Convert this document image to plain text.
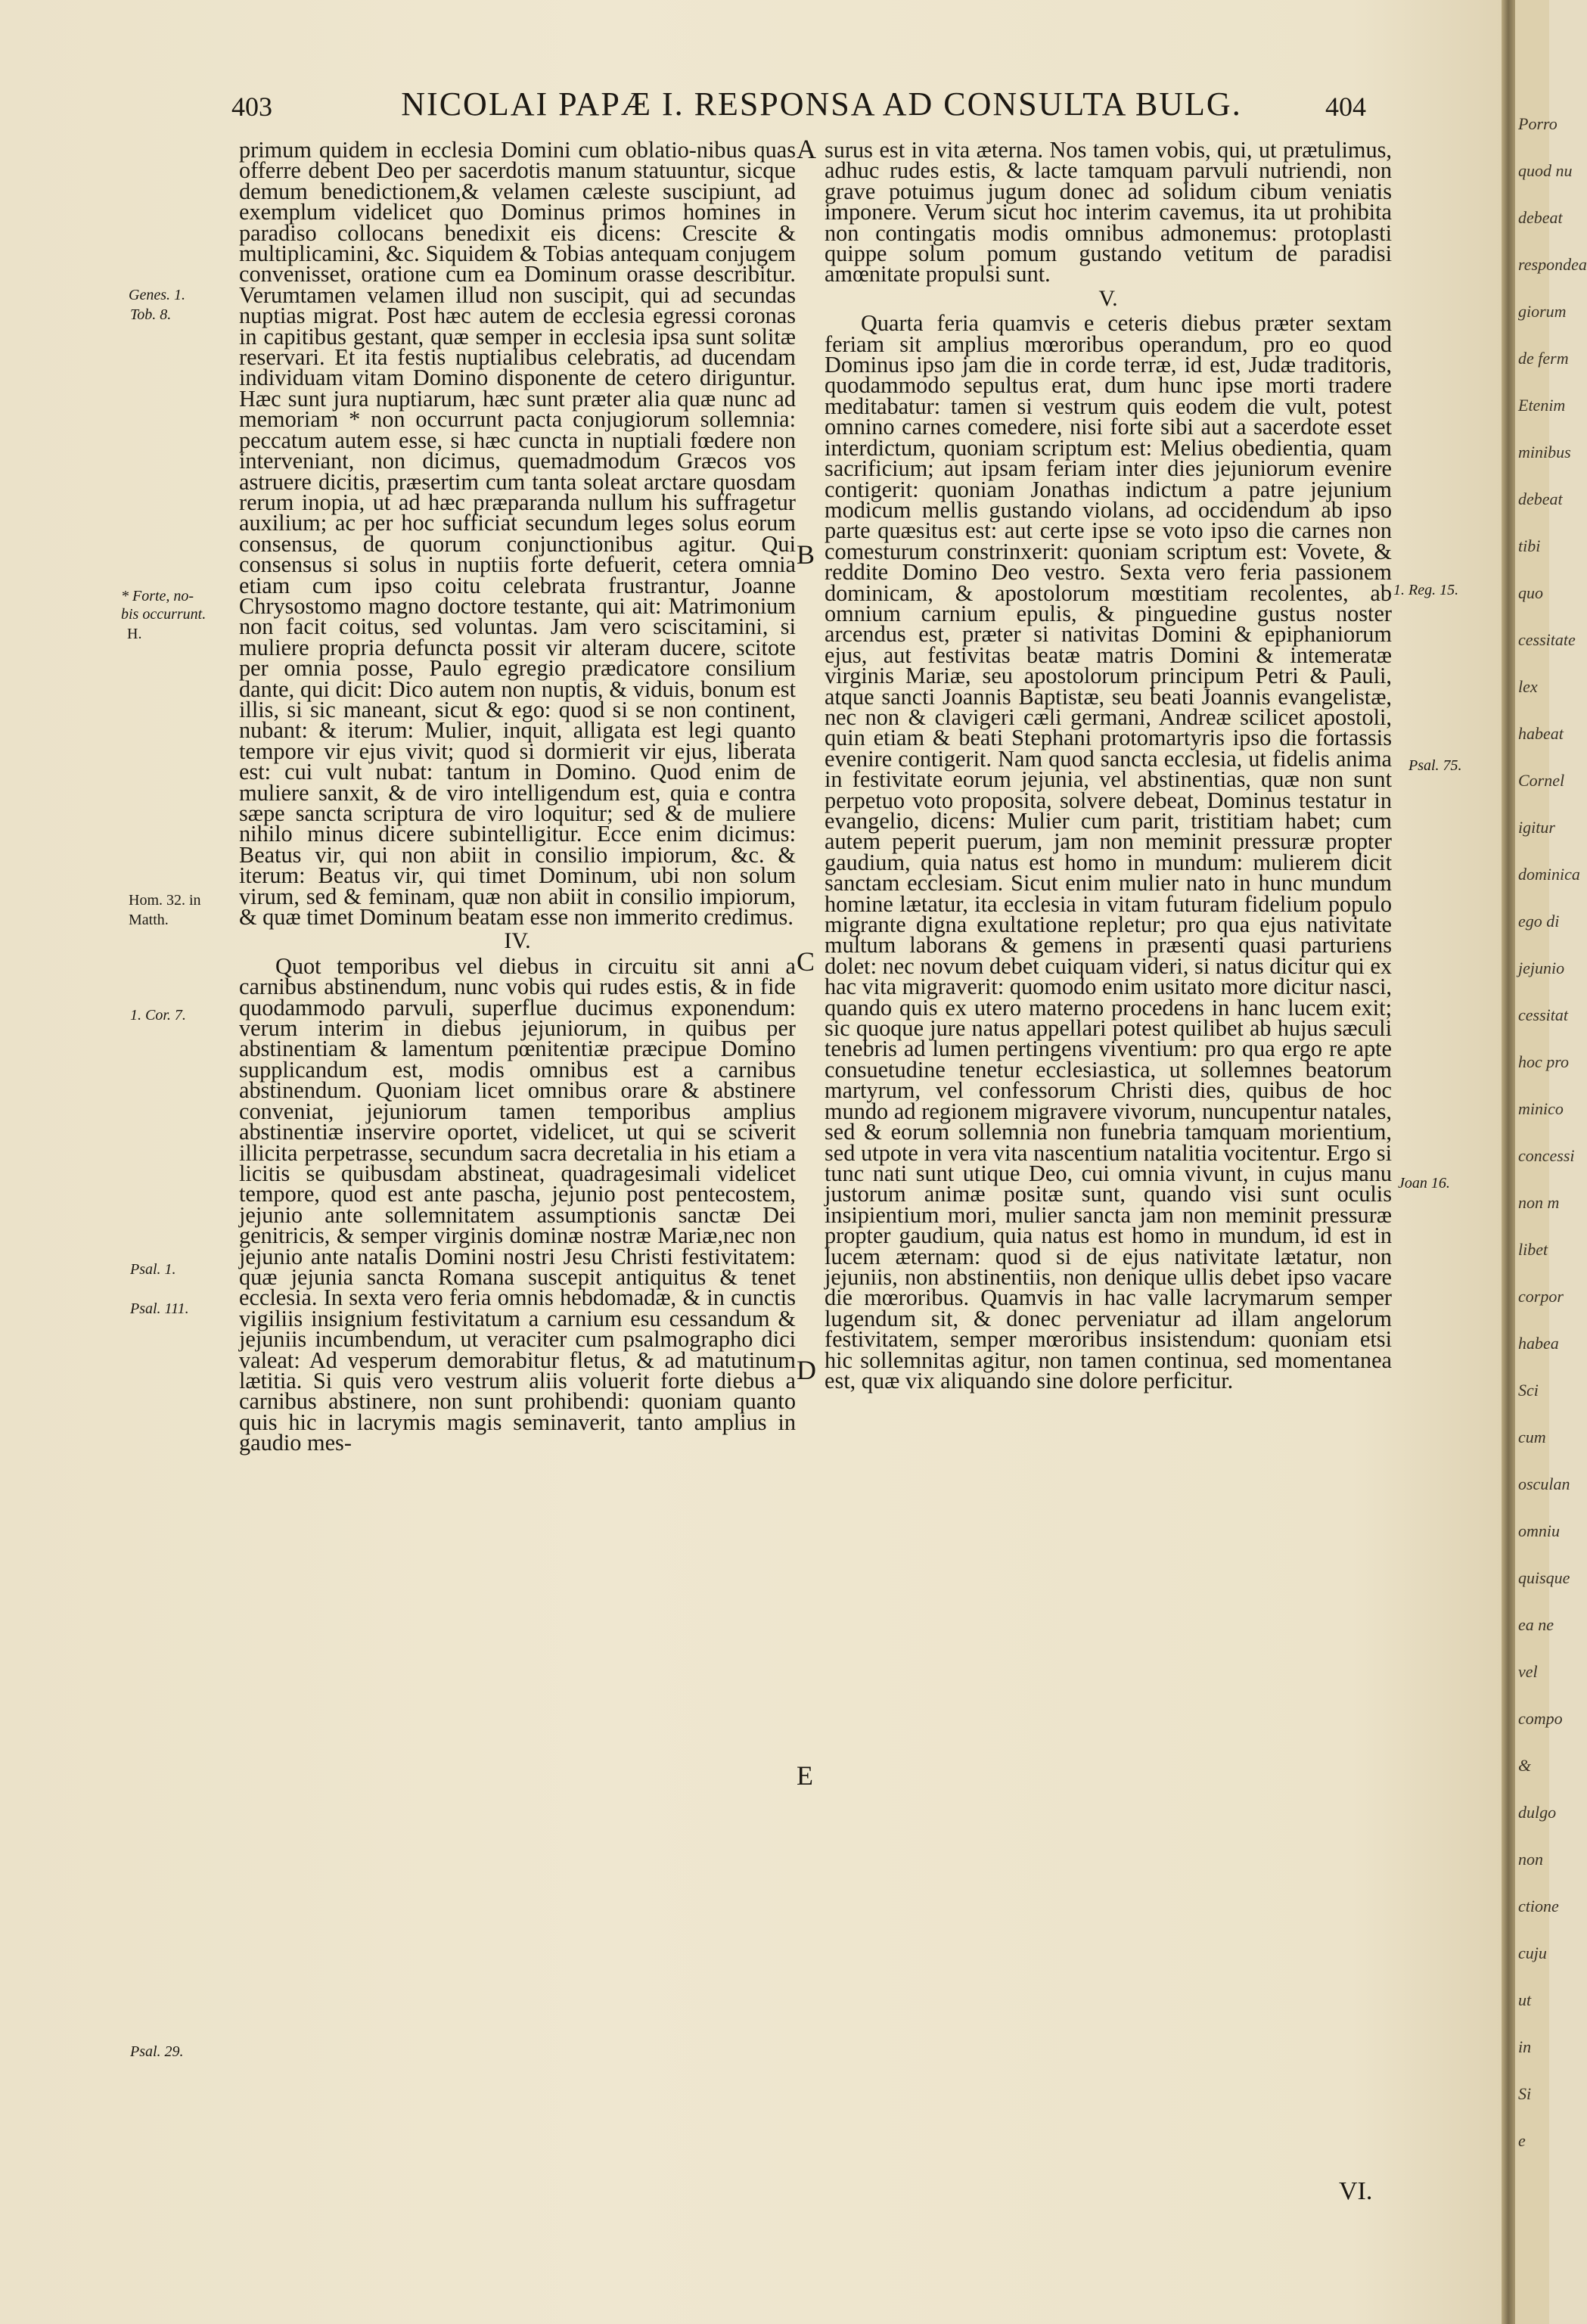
403	NICOLAI PAPÆ I. RESPONSA AD CONSULTA BULG.	404
Genes. 1.
Tob. 8.
* Forte, no-
bis occurrunt.
H.
Hom. 32. in
Matth.
1. Cor. 7.
Psal. 1.
Psal. 111.
Psal. 29.
1. Reg. 15.
Psal. 75.
Joan 16.
A
B
C
D
E

primum quidem in ecclesia Domini cum oblatio-nibus quas offerre debent Deo per sacerdotis manum statuuntur, sicque demum benedictionem,& velamen cæleste suscipiunt, ad exemplum videlicet quo Dominus primos homines in paradiso collocans benedixit eis dicens: Crescite & multiplicamini, &c. Siquidem & Tobias antequam conjugem convenisset, oratione cum ea Dominum orasse describitur. Verumtamen velamen illud non suscipit, qui ad secundas nuptias migrat. Post hæc autem de ecclesia egressi coronas in capitibus gestant, quæ semper in ecclesia ipsa sunt solitæ reservari. Et ita festis nuptialibus celebratis, ad ducendam individuam vitam Domino disponente de cetero diriguntur. Hæc sunt jura nuptiarum, hæc sunt præter alia quæ nunc ad memoriam * non occurrunt pacta conjugiorum sollemnia: peccatum autem esse, si hæc cuncta in nuptiali fœdere non interveniant, non dicimus, quemadmodum Græcos vos astruere dicitis, præsertim cum tanta soleat arctare quosdam rerum inopia, ut ad hæc præparanda nullum his suffragetur auxilium; ac per hoc sufficiat secundum leges solus eorum consensus, de quorum conjunctionibus agitur. Qui consensus si solus in nuptiis forte defuerit, cetera omnia etiam cum ipso coitu celebrata frustrantur, Joanne Chrysostomo magno doctore testante, qui ait: Matrimonium non facit coitus, sed voluntas. Jam vero sciscitamini, si muliere propria defuncta possit vir alteram ducere, scitote per omnia posse, Paulo egregio prædicatore consilium dante, qui dicit: Dico autem non nuptis, & viduis, bonum est illis, si sic maneant, sicut & ego: quod si se non continent, nubant: & iterum: Mulier, inquit, alligata est legi quanto tempore vir ejus vivit; quod si dormierit vir ejus, liberata est: cui vult nubat: tantum in Domino. Quod enim de muliere sanxit, & de viro intelligendum est, quia e contra sæpe sancta scriptura de viro loquitur; sed & de muliere nihilo minus dicere subintelligitur. Ecce enim dicimus: Beatus vir, qui non abiit in consilio impiorum, &c. & iterum: Beatus vir, qui timet Dominum, ubi non solum virum, sed & feminam, quæ non abiit in consilio impiorum, & quæ timet Dominum beatam esse non immerito credimus.

IV.

Quot temporibus vel diebus in circuitu sit anni a carnibus abstinendum, nunc vobis qui rudes estis, & in fide quodammodo parvuli, superflue ducimus exponendum: verum interim in diebus jejuniorum, in quibus per abstinentiam & lamentum pœnitentiæ præcipue Domino supplicandum est, modis omnibus est a carnibus abstinendum. Quoniam licet omnibus orare & abstinere conveniat, jejuniorum tamen temporibus amplius abstinentiæ inservire oportet, videlicet, ut qui se sciverit illicita perpetrasse, secundum sacra decretalia in his etiam a licitis se quibusdam abstineat, quadragesimali videlicet tempore, quod est ante pascha, jejunio post pentecostem, jejunio ante sollemnitatem assumptionis sanctæ Dei genitricis, & semper virginis dominæ nostræ Mariæ,nec non jejunio ante natalis Domini nostri Jesu Christi festivitatem: quæ jejunia sancta Romana suscepit antiquitus & tenet ecclesia. In sexta vero feria omnis hebdomadæ, & in cunctis vigiliis insignium festivitatum a carnium esu cessandum & jejuniis incumbendum, ut veraciter cum psalmographo dici valeat: Ad vesperum demorabitur fletus, & ad matutinum lætitia. Si quis vero vestrum aliis voluerit forte diebus a carnibus abstinere, non sunt prohibendi: quoniam quanto quis hic in lacrymis magis seminaverit, tanto amplius in gaudio mes-

surus est in vita æterna. Nos tamen vobis, qui, ut prætulimus, adhuc rudes estis, & lacte tamquam parvuli nutriendi, non grave potuimus jugum donec ad solidum cibum veniatis imponere. Verum sicut hoc interim cavemus, ita ut prohibita non contingatis modis omnibus admonemus: protoplasti quippe solum pomum gustando vetitum de paradisi amœnitate propulsi sunt.

V.

Quarta feria quamvis e ceteris diebus præter sextam feriam sit amplius mœroribus operandum, pro eo quod Dominus ipso jam die in corde terræ, id est, Judæ traditoris, quodammodo sepultus erat, dum hunc ipse morti tradere meditabatur: tamen si vestrum quis eodem die vult, potest omnino carnes comedere, nisi forte sibi aut a sacerdote esset interdictum, quoniam scriptum est: Melius obedientia, quam sacrificium; aut ipsam feriam inter dies jejuniorum evenire contigerit: quoniam Jonathas indictum a patre jejunium modicum mellis gustando violans, ad occidendum ab ipso parte quæsitus est: aut certe ipse se voto ipso die carnes non comesturum constrinxerit: quoniam scriptum est: Vovete, & reddite Domino Deo vestro. Sexta vero feria passionem dominicam, & apostolorum mœstitiam recolentes, ab omnium carnium epulis, & pinguedine gustus noster arcendus est, præter si nativitas Domini & epiphaniorum ejus, aut festivitas beatæ matris Domini & intemeratæ virginis Mariæ, seu apostolorum principum Petri & Pauli, atque sancti Joannis Baptistæ, seu beati Joannis evangelistæ, nec non & clavigeri cæli germani, Andreæ scilicet apostoli, quin etiam & beati Stephani protomartyris ipso die fortassis evenire contigerit. Nam quod sancta ecclesia, ut fidelis anima in festivitate eorum jejunia, vel abstinentias, quæ non sunt perpetuo voto proposita, solvere debeat, Dominus testatur in evangelio, dicens: Mulier cum parit, tristitiam habet; cum autem peperit puerum, jam non meminit pressuræ propter gaudium, quia natus est homo in mundum: mulierem dicit sanctam ecclesiam. Sicut enim mulier nato in hunc mundum homine lætatur, ita ecclesia in vitam futuram fidelium populo migrante digna exultatione repletur; pro qua ejus nativitate multum laborans & gemens in præsenti quasi parturiens dolet: nec novum debet cuiquam videri, si natus dicitur qui ex hac vita migraverit: quomodo enim usitato more dicitur nasci, quando quis ex utero materno procedens in hanc lucem exit; sic quoque jure natus appellari potest quilibet ab hujus sæculi tenebris ad lumen pertingens viventium: pro qua ergo re apte consuetudine tenetur ecclesiastica, ut sollemnes beatorum martyrum, vel confessorum Christi dies, quibus de hoc mundo ad regionem migravere vivorum, nuncupentur natales, sed & eorum sollemnia non funebria tamquam morientium, sed utpote in vera vita nascentium natalitia vocitentur. Ergo si tunc nati sunt utique Deo, cui omnia vivunt, in cujus manu justorum animæ positæ sunt, quando visi sunt oculis insipientium mori, mulier sancta jam non meminit pressuræ propter gaudium, quia natus est homo in mundum, id est in lucem æternam: quod si de ejus nativitate lætatur, non jejuniis, non abstinentiis, non denique ullis debet ipso vacare die mœroribus. Quamvis in hac valle lacrymarum semper lugendum sit, & donec perveniatur ad illam angelorum festivitatem, semper mœroribus insistendum: quoniam etsi hic sollemnitas agitur, non tamen continua, sed momentanea est, quæ vix aliquando sine dolore perficitur.

VI.
Porro
quod nu
debeat
respondea
giorum
de ferm
Etenim
minibus
debeat
tibi
quo
cessitate
lex
habeat
Cornel
igitur
dominica
ego di
jejunio
cessitat
hoc pro
minico
concessi
non m
libet
corpor
habea
Sci
cum
osculan
omniu
quisque
ea ne
vel
compo
&
dulgo
non
ctione
cuju
ut
in
Si
e
